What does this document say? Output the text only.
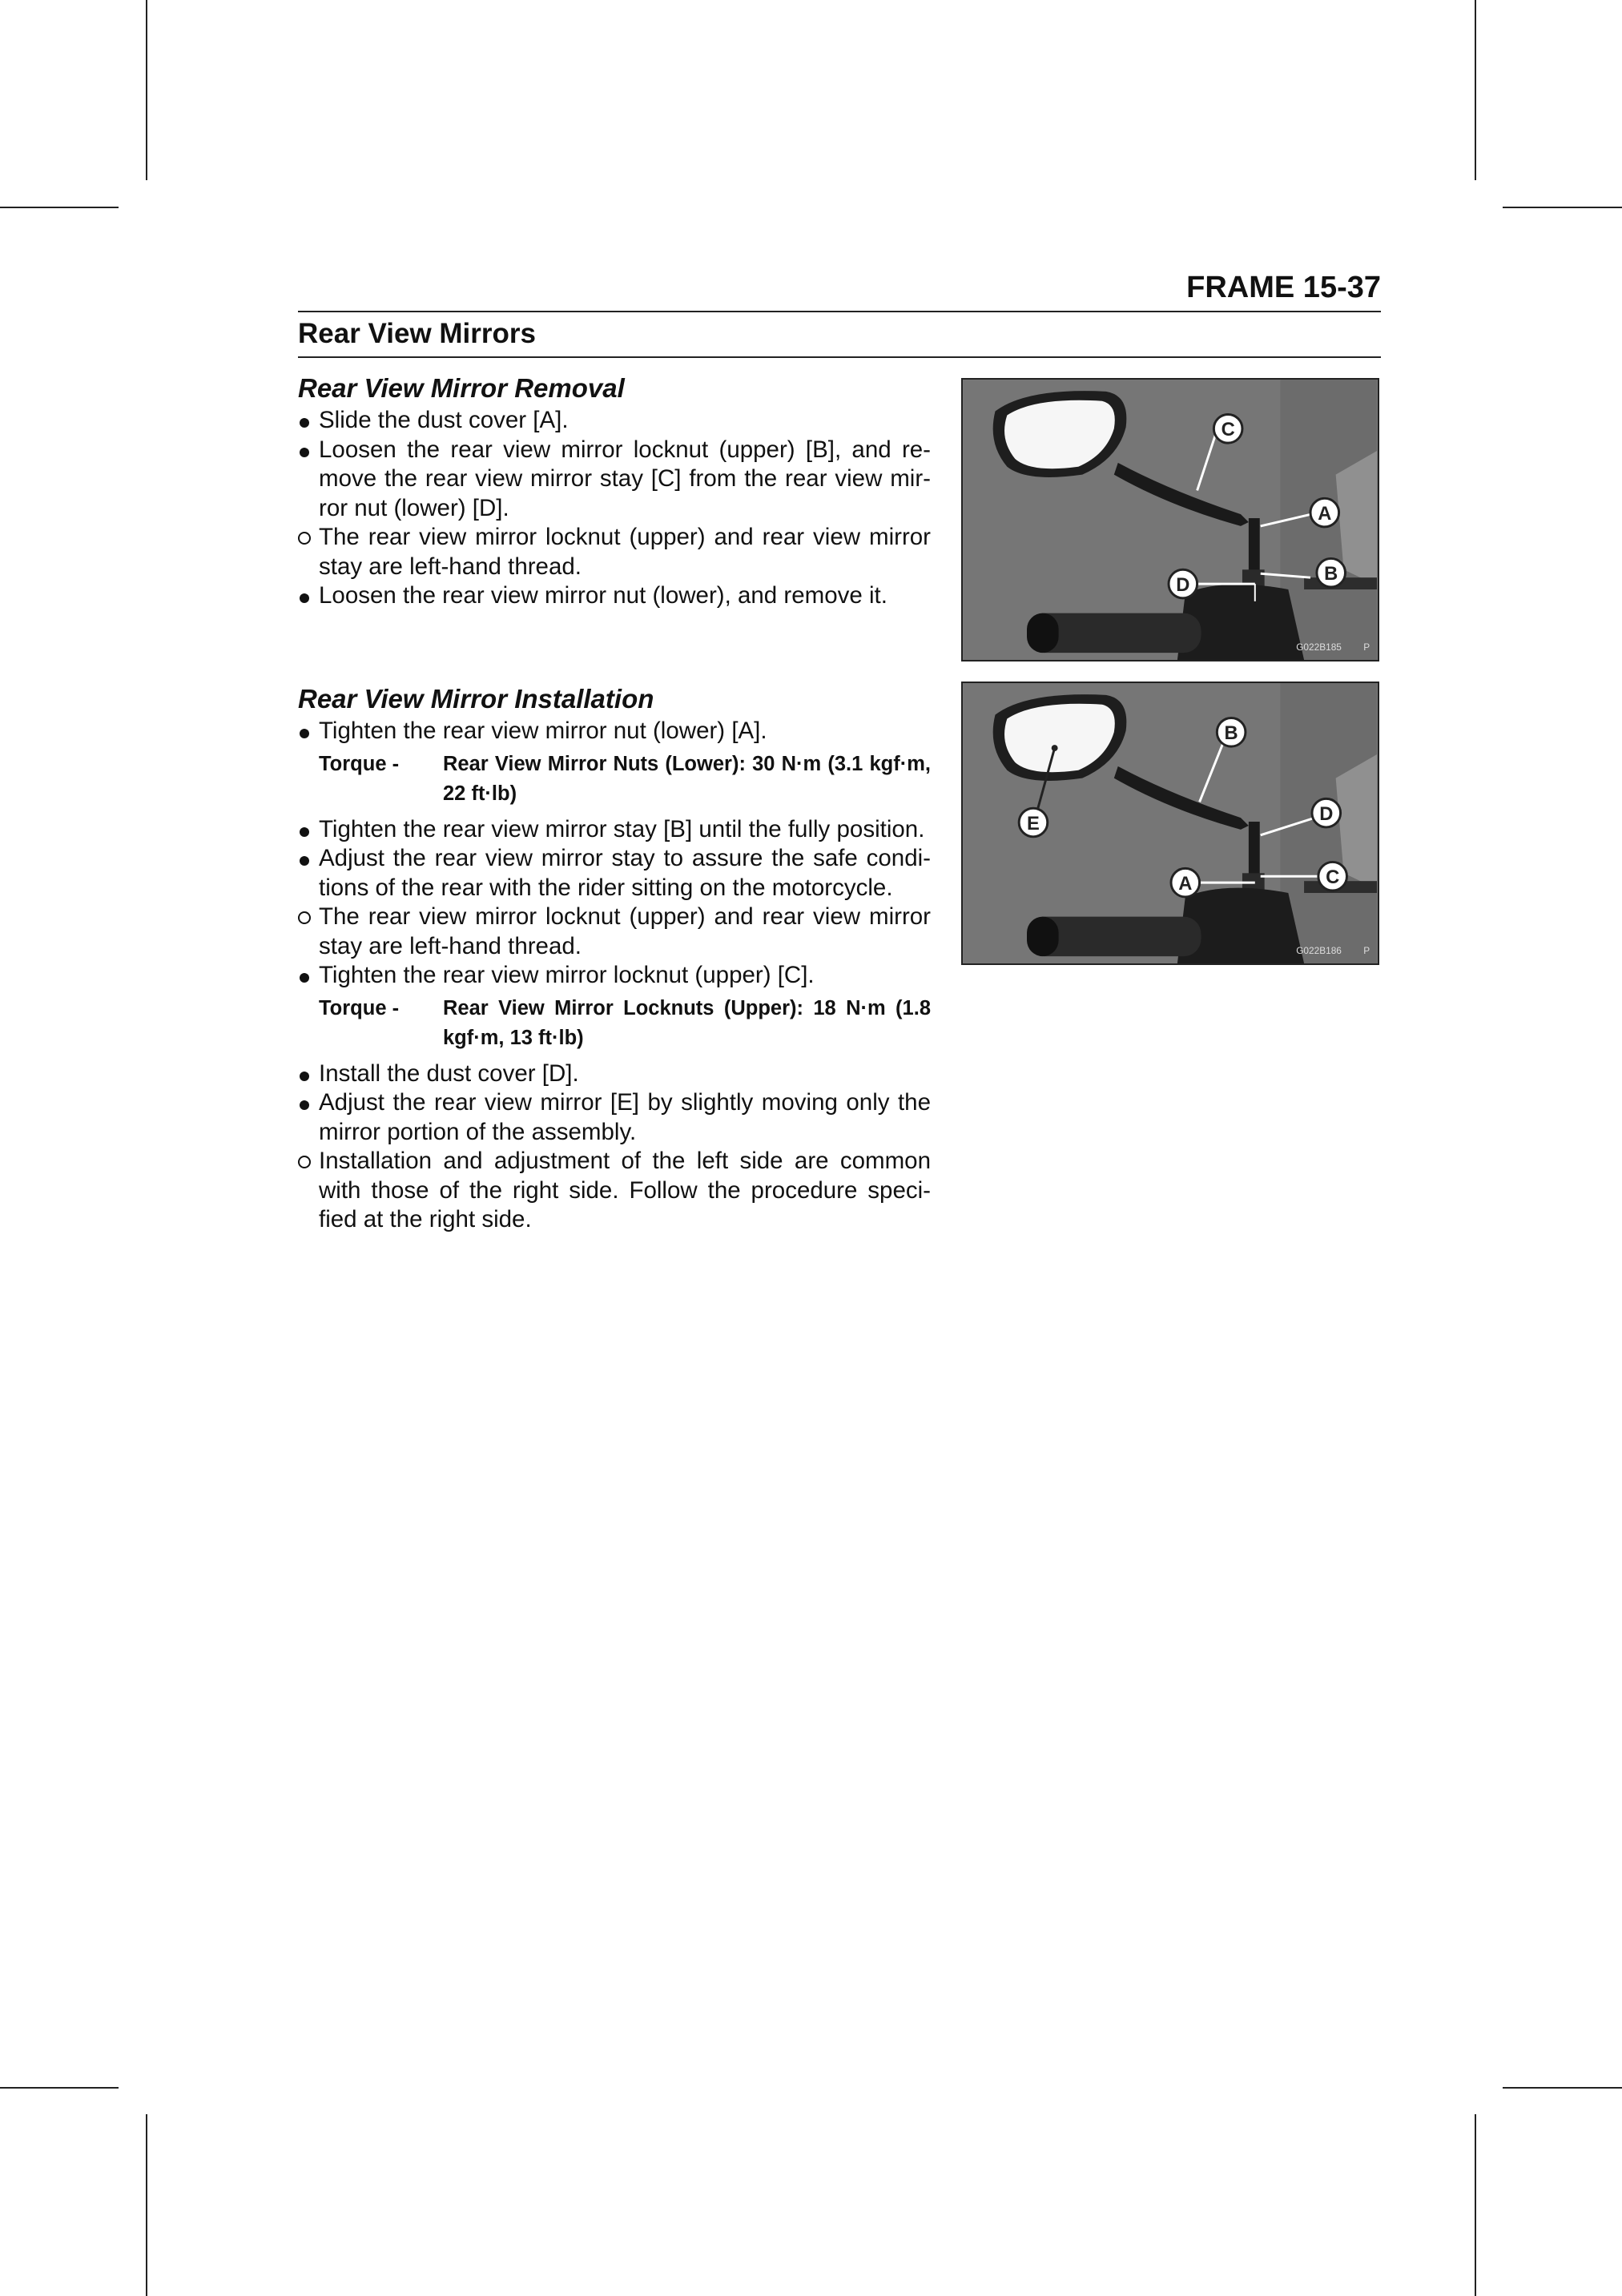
FRAME 15-37
Rear View Mirrors
Rear View Mirror Removal
Slide the dust cover [A].
Loosen the rear view mirror locknut (upper) [B], and re-move the rear view mirror stay [C] from the rear view mir-ror nut (lower) [D].
The rear view mirror locknut (upper) and rear view mirror stay are left-hand thread.
Loosen the rear view mirror nut (lower), and remove it.
Rear View Mirror Installation
Tighten the rear view mirror nut (lower) [A].
Torque - Rear View Mirror Nuts (Lower): 30 N·m (3.1 kgf·m, 22 ft·lb)
Tighten the rear view mirror stay [B] until the fully position.
Adjust the rear view mirror stay to assure the safe condi-tions of the rear with the rider sitting on the motorcycle.
The rear view mirror locknut (upper) and rear view mirror stay are left-hand thread.
Tighten the rear view mirror locknut (upper) [C].
Torque - Rear View Mirror Locknuts (Upper): 18 N·m (1.8 kgf·m, 13 ft·lb)
Install the dust cover [D].
Adjust the rear view mirror [E] by slightly moving only the mirror portion of the assembly.
Installation and adjustment of the left side are common with those of the right side. Follow the procedure speci-fied at the right side.
C
A
D
B
G022B185 P
B
E	D
A	C
G022B186 P
